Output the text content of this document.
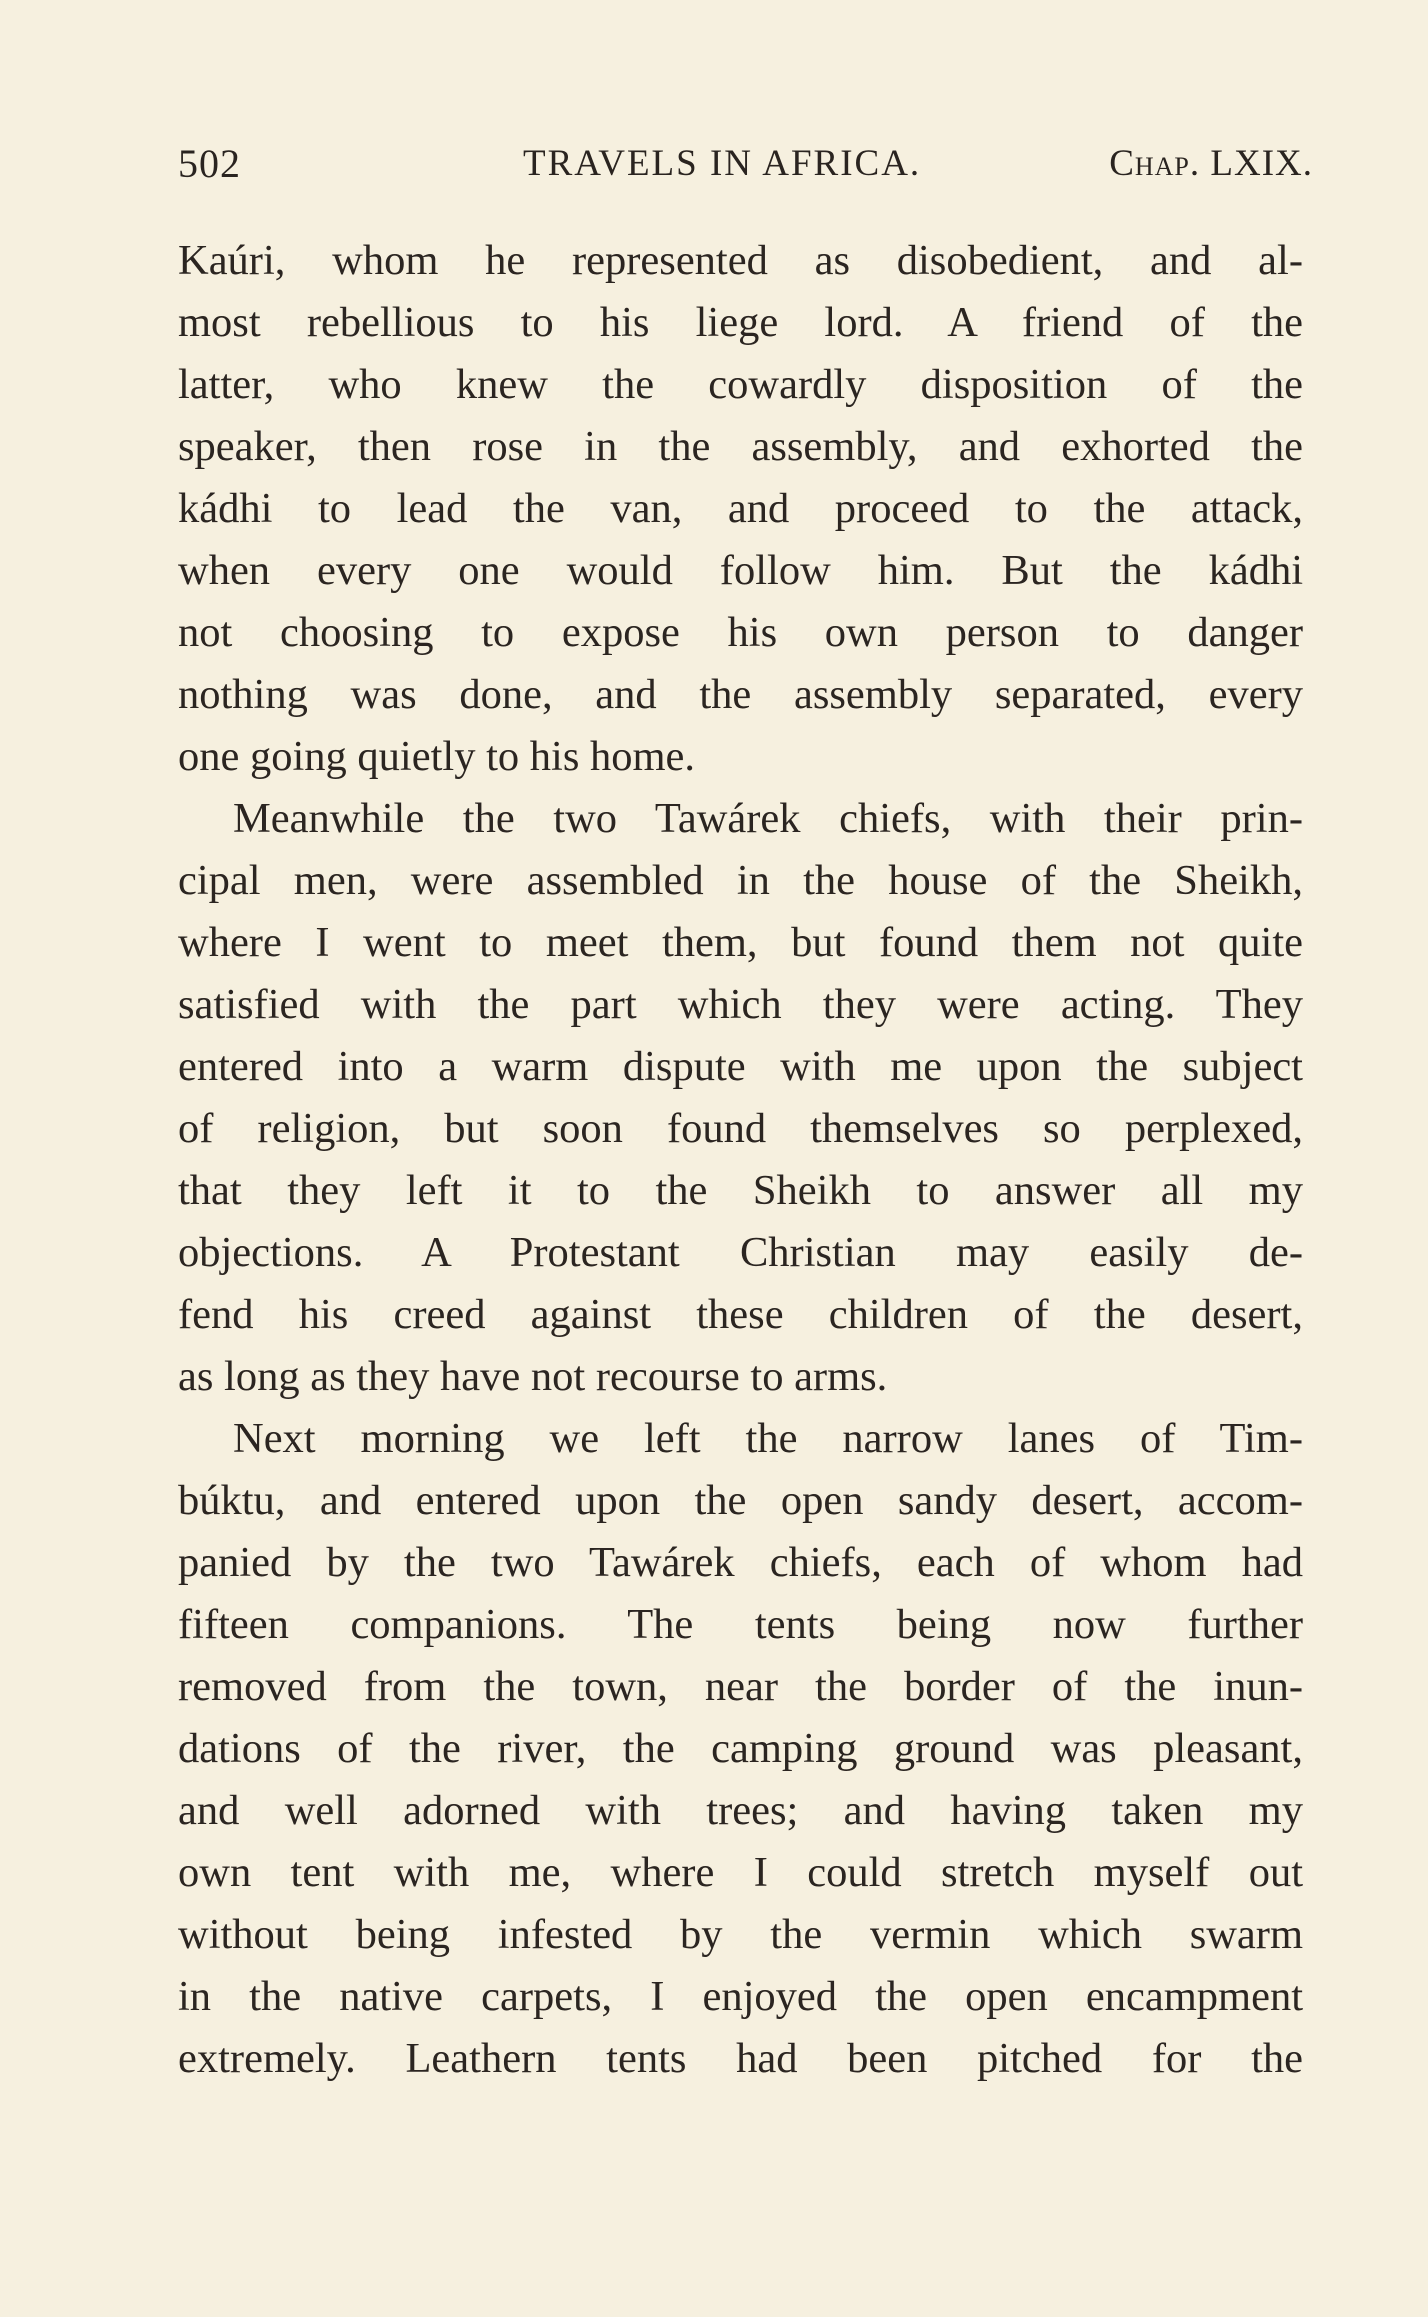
502	TRAVELS IN AFRICA.	Chap. LXIX.
Kaúri, whom he represented as disobedient, and al-
most rebellious to his liege lord. A friend of the
latter, who knew the cowardly disposition of the
speaker, then rose in the assembly, and exhorted the
kádhi to lead the van, and proceed to the attack,
when every one would follow him. But the kádhi
not choosing to expose his own person to danger
nothing was done, and the assembly separated, every
one going quietly to his home.
Meanwhile the two Tawárek chiefs, with their prin-
cipal men, were assembled in the house of the Sheikh,
where I went to meet them, but found them not quite
satisfied with the part which they were acting. They
entered into a warm dispute with me upon the subject
of religion, but soon found themselves so perplexed,
that they left it to the Sheikh to answer all my
objections. A Protestant Christian may easily de-
fend his creed against these children of the desert,
as long as they have not recourse to arms.
Next morning we left the narrow lanes of Tim-
búktu, and entered upon the open sandy desert, accom-
panied by the two Tawárek chiefs, each of whom had
fifteen companions. The tents being now further
removed from the town, near the border of the inun-
dations of the river, the camping ground was pleasant,
and well adorned with trees; and having taken my
own tent with me, where I could stretch myself out
without being infested by the vermin which swarm
in the native carpets, I enjoyed the open encampment
extremely. Leathern tents had been pitched for the
